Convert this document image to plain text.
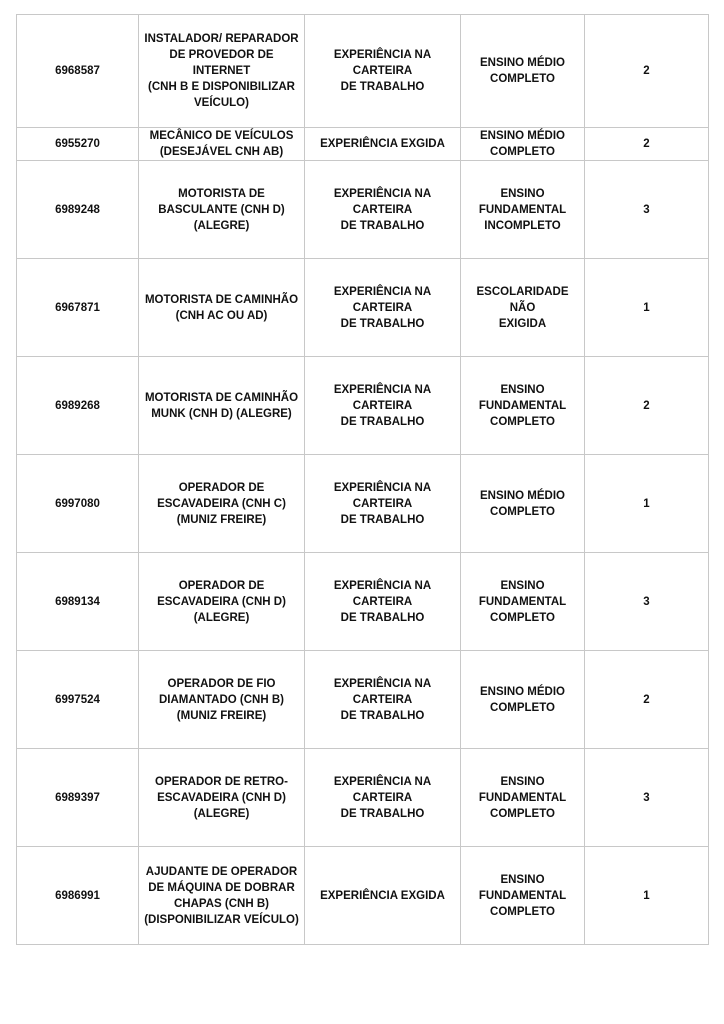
6968587	INSTALADOR/ REPARADOR
DE PROVEDOR DE INTERNET
(CNH B E DISPONIBILIZAR
VEÍCULO)	EXPERIÊNCIA NA CARTEIRA
DE TRABALHO	ENSINO MÉDIO
COMPLETO	2
6955270	MECÂNICO DE VEÍCULOS
(DESEJÁVEL CNH AB)	EXPERIÊNCIA EXGIDA	ENSINO MÉDIO
COMPLETO	2
6989248	MOTORISTA DE
BASCULANTE (CNH D)
(ALEGRE)	EXPERIÊNCIA NA CARTEIRA
DE TRABALHO	ENSINO
FUNDAMENTAL
INCOMPLETO	3
6967871	MOTORISTA DE CAMINHÃO
(CNH AC OU AD)	EXPERIÊNCIA NA CARTEIRA
DE TRABALHO	ESCOLARIDADE NÃO
EXIGIDA	1
6989268	MOTORISTA DE CAMINHÃO
MUNK (CNH D) (ALEGRE)	EXPERIÊNCIA NA CARTEIRA
DE TRABALHO	ENSINO
FUNDAMENTAL
COMPLETO	2
6997080	OPERADOR DE
ESCAVADEIRA (CNH C)
(MUNIZ FREIRE)	EXPERIÊNCIA NA CARTEIRA
DE TRABALHO	ENSINO MÉDIO
COMPLETO	1
6989134	OPERADOR DE
ESCAVADEIRA (CNH D)
(ALEGRE)	EXPERIÊNCIA NA CARTEIRA
DE TRABALHO	ENSINO
FUNDAMENTAL
COMPLETO	3
6997524	OPERADOR DE FIO
DIAMANTADO (CNH B)
(MUNIZ FREIRE)	EXPERIÊNCIA NA CARTEIRA
DE TRABALHO	ENSINO MÉDIO
COMPLETO	2
6989397	OPERADOR DE RETRO-
ESCAVADEIRA (CNH D)
(ALEGRE)	EXPERIÊNCIA NA CARTEIRA
DE TRABALHO	ENSINO
FUNDAMENTAL
COMPLETO	3
6986991	AJUDANTE DE OPERADOR
DE MÁQUINA DE DOBRAR
CHAPAS (CNH B)
(DISPONIBILIZAR VEÍCULO)	EXPERIÊNCIA EXGIDA	ENSINO
FUNDAMENTAL
COMPLETO	1
